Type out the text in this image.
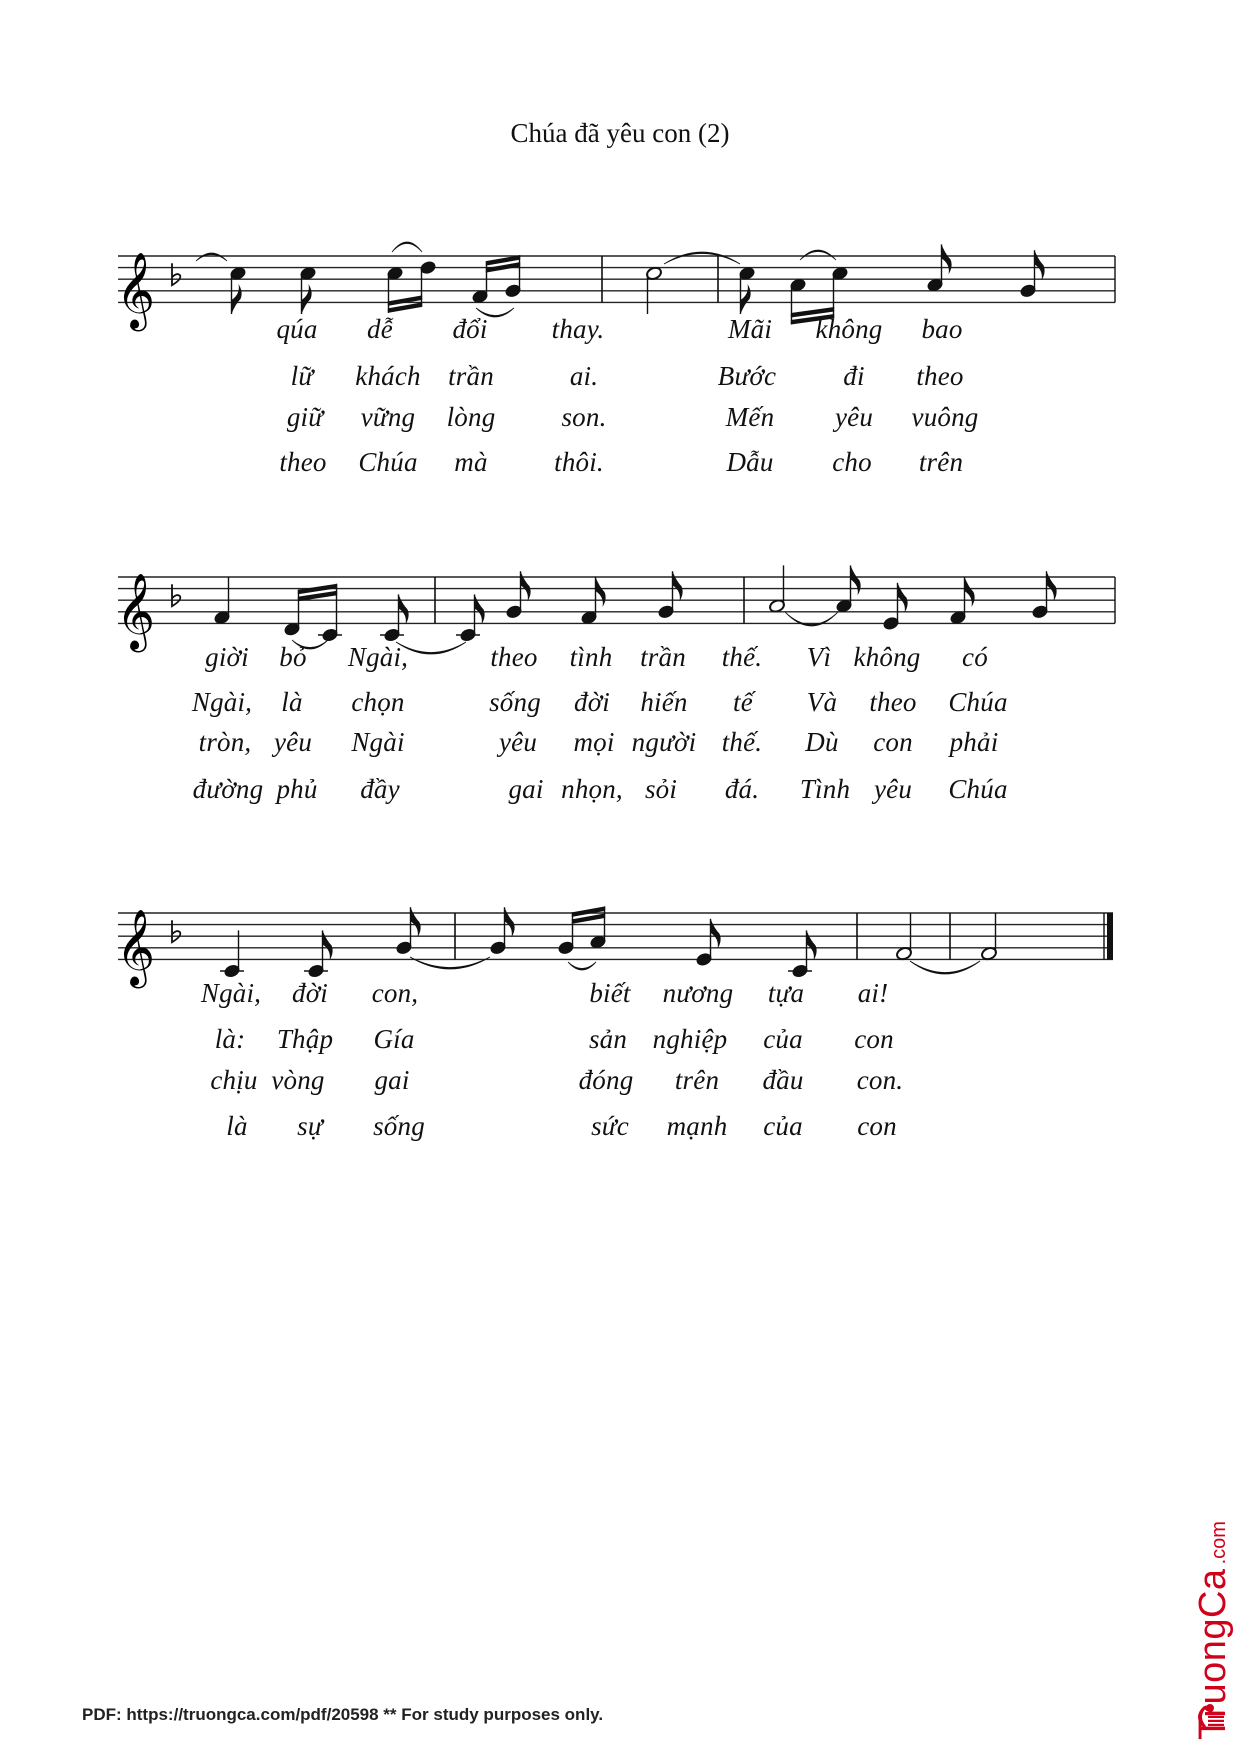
Chúa đã yêu con (2)
𝄞
𝄞
𝄞
qúa dễ đổi thay.	Mãi không bao
lữ khách trần	ai.	Bước đi theo
giữ vững lòng son.	Mến yêu vuông
theo Chúa mà thôi.	Dẫu cho trên
giời bỏ Ngài,	theo tình trần thế. Vì không có
Ngài, là chọn	sống đời hiến tế Và theo Chúa
tròn, yêu Ngài	yêu mọi người thế. Dù con phải
đường phủ đầy	gai nhọn, sỏi đá. Tình yêu Chúa
Ngài, đời con,	biết nương tựa ai!
là: Thập Gía	sản nghiệp của con
chịu vòng gai	đóng trên đầu con.
là sự sống	sức mạnh của con
PDF: https://truongca.com/pdf/20598 ** For study purposes only.	TruongCa.com
